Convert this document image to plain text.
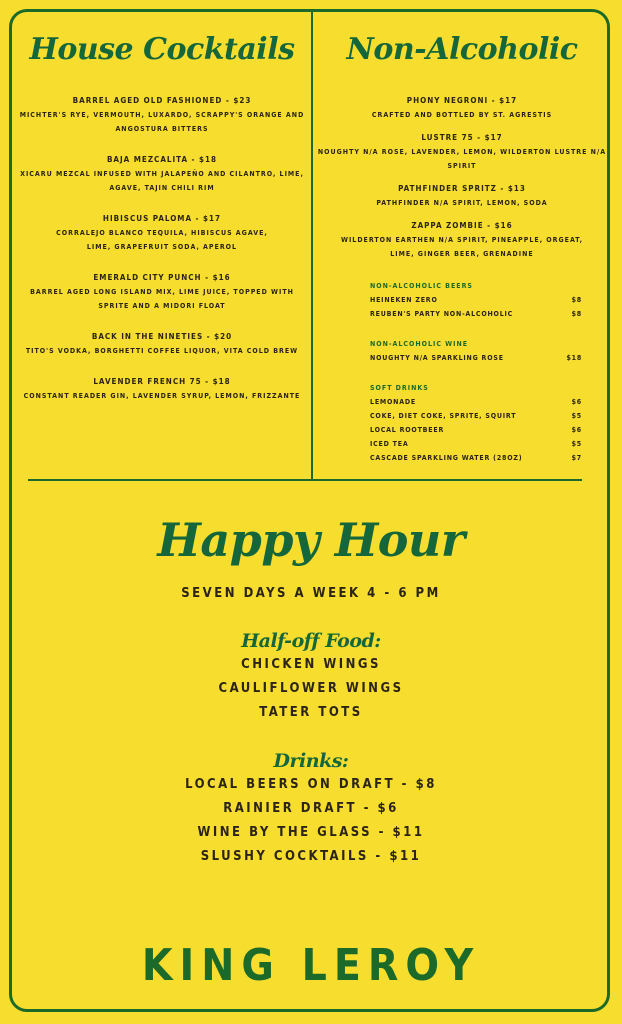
House Cocktails
BARREL AGED OLD FASHIONED - $23
MICHTER'S RYE, VERMOUTH, LUXARDO, SCRAPPY'S ORANGE AND ANGOSTURA BITTERS
BAJA MEZCALITA - $18
XICARU MEZCAL INFUSED WITH JALAPEÑO AND CILANTRO, LIME, AGAVE, TAJIN CHILI RIM
HIBISCUS PALOMA - $17
CORRALEJO BLANCO TEQUILA, HIBISCUS AGAVE, LIME, GRAPEFRUIT SODA, APEROL
EMERALD CITY PUNCH - $16
BARREL AGED LONG ISLAND MIX, LIME JUICE, TOPPED WITH SPRITE AND A MIDORI FLOAT
BACK IN THE NINETIES - $20
TITO'S VODKA, BORGHETTI COFFEE LIQUOR, VITA COLD BREW
LAVENDER FRENCH 75 - $18
CONSTANT READER GIN, LAVENDER SYRUP, LEMON, FRIZZANTE
Non-Alcoholic
PHONY NEGRONI - $17
CRAFTED AND BOTTLED BY ST. AGRESTIS
LUSTRE 75 - $17
NOUGHTY N/A ROSE, LAVENDER, LEMON, WILDERTON LUSTRE N/A SPIRIT
PATHFINDER SPRITZ - $13
PATHFINDER N/A SPIRIT, LEMON, SODA
ZAPPA ZOMBIE - $16
WILDERTON EARTHEN N/A SPIRIT, PINEAPPLE, ORGEAT, LIME, GINGER BEER, GRENADINE
NON-ALCOHOLIC BEERS
HEINEKEN ZERO	$8
REUBEN'S PARTY NON-ALCOHOLIC	$8
NON-ALCOHOLIC WINE
NOUGHTY N/A SPARKLING ROSE	$18
SOFT DRINKS
LEMONADE	$6
COKE, DIET COKE, SPRITE, SQUIRT	$5
LOCAL ROOTBEER	$6
ICED TEA	$5
CASCADE SPARKLING WATER (28OZ)	$7
Happy Hour
SEVEN DAYS A WEEK 4 - 6 PM
Half-off Food:
CHICKEN WINGS
CAULIFLOWER WINGS
TATER TOTS
Drinks:
LOCAL BEERS ON DRAFT - $8
RAINIER DRAFT - $6
WINE BY THE GLASS - $11
SLUSHY COCKTAILS - $11
KING LEROY
